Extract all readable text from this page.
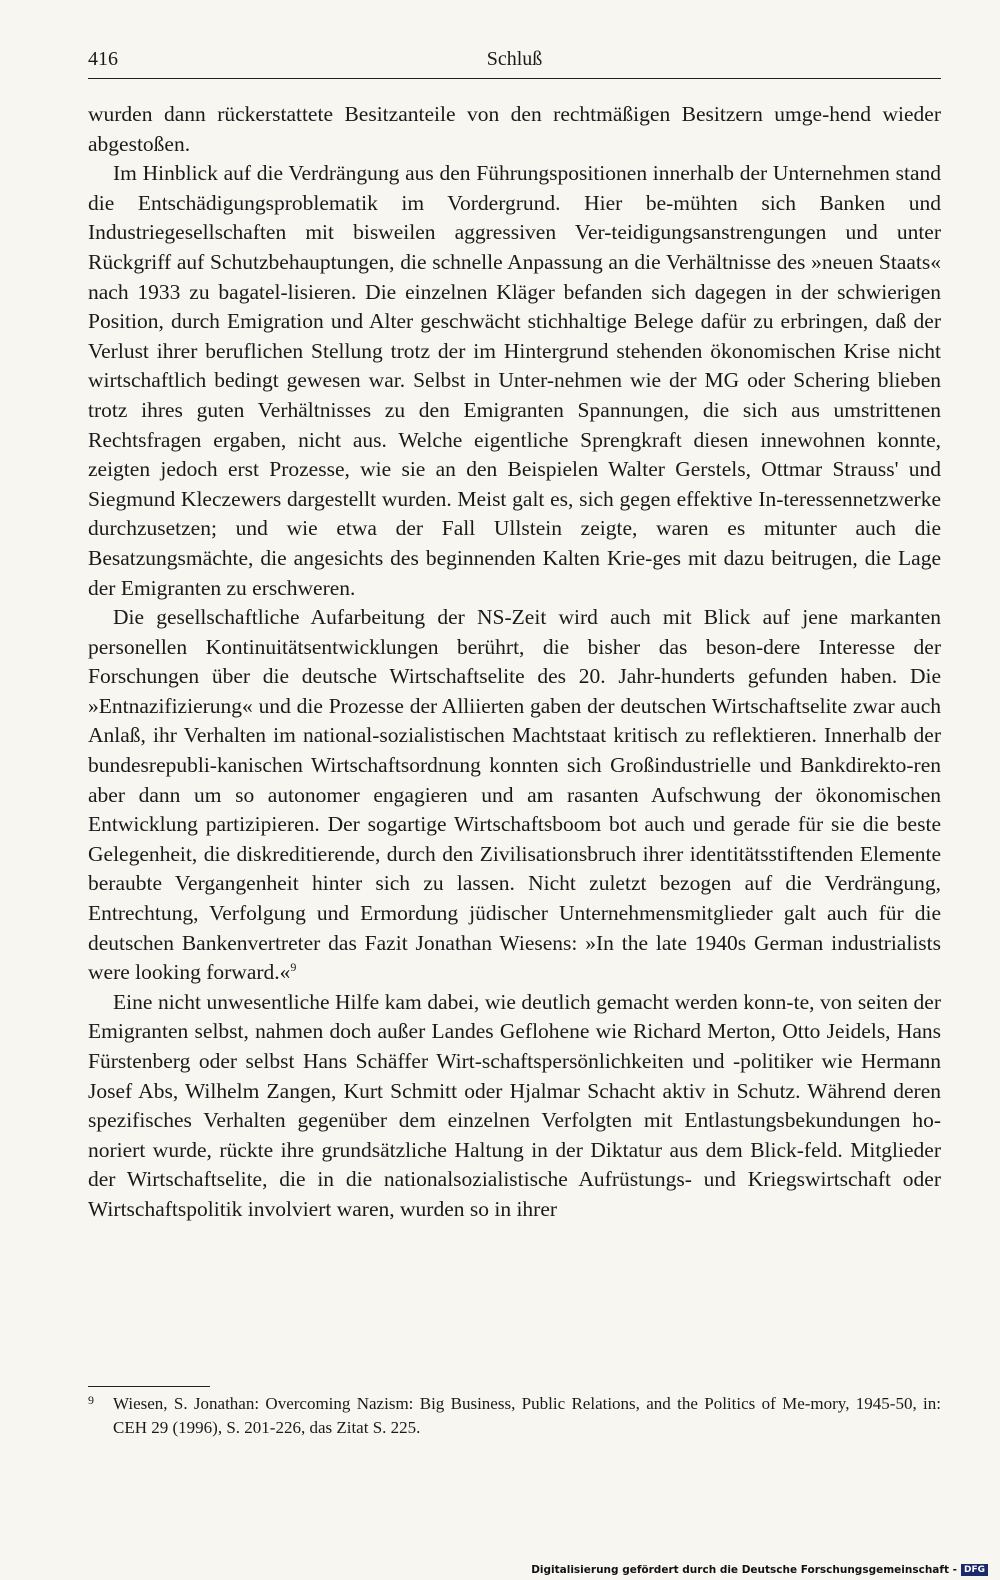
416	Schluß

wurden dann rückerstattete Besitzanteile von den rechtmäßigen Besitzern umge-hend wieder abgestoßen.

Im Hinblick auf die Verdrängung aus den Führungspositionen innerhalb der Unternehmen stand die Entschädigungsproblematik im Vordergrund. Hier be-mühten sich Banken und Industriegesellschaften mit bisweilen aggressiven Ver-teidigungsanstrengungen und unter Rückgriff auf Schutzbehauptungen, die schnelle Anpassung an die Verhältnisse des »neuen Staats« nach 1933 zu bagatel-lisieren. Die einzelnen Kläger befanden sich dagegen in der schwierigen Position, durch Emigration und Alter geschwächt stichhaltige Belege dafür zu erbringen, daß der Verlust ihrer beruflichen Stellung trotz der im Hintergrund stehenden ökonomischen Krise nicht wirtschaftlich bedingt gewesen war. Selbst in Unter-nehmen wie der MG oder Schering blieben trotz ihres guten Verhältnisses zu den Emigranten Spannungen, die sich aus umstrittenen Rechtsfragen ergaben, nicht aus. Welche eigentliche Sprengkraft diesen innewohnen konnte, zeigten jedoch erst Prozesse, wie sie an den Beispielen Walter Gerstels, Ottmar Strauss' und Siegmund Kleczewers dargestellt wurden. Meist galt es, sich gegen effektive In-teressennetzwerke durchzusetzen; und wie etwa der Fall Ullstein zeigte, waren es mitunter auch die Besatzungsmächte, die angesichts des beginnenden Kalten Krie-ges mit dazu beitrugen, die Lage der Emigranten zu erschweren.

Die gesellschaftliche Aufarbeitung der NS-Zeit wird auch mit Blick auf jene markanten personellen Kontinuitätsentwicklungen berührt, die bisher das beson-dere Interesse der Forschungen über die deutsche Wirtschaftselite des 20. Jahr-hunderts gefunden haben. Die »Entnazifizierung« und die Prozesse der Alliierten gaben der deutschen Wirtschaftselite zwar auch Anlaß, ihr Verhalten im national-sozialistischen Machtstaat kritisch zu reflektieren. Innerhalb der bundesrepubli-kanischen Wirtschaftsordnung konnten sich Großindustrielle und Bankdirekto-ren aber dann um so autonomer engagieren und am rasanten Aufschwung der ökonomischen Entwicklung partizipieren. Der sogartige Wirtschaftsboom bot auch und gerade für sie die beste Gelegenheit, die diskreditierende, durch den Zivilisationsbruch ihrer identitätsstiftenden Elemente beraubte Vergangenheit hinter sich zu lassen. Nicht zuletzt bezogen auf die Verdrängung, Entrechtung, Verfolgung und Ermordung jüdischer Unternehmensmitglieder galt auch für die deutschen Bankenvertreter das Fazit Jonathan Wiesens: »In the late 1940s German industrialists were looking forward.«$^9$

Eine nicht unwesentliche Hilfe kam dabei, wie deutlich gemacht werden konn-te, von seiten der Emigranten selbst, nahmen doch außer Landes Geflohene wie Richard Merton, Otto Jeidels, Hans Fürstenberg oder selbst Hans Schäffer Wirt-schaftspersönlichkeiten und -politiker wie Hermann Josef Abs, Wilhelm Zangen, Kurt Schmitt oder Hjalmar Schacht aktiv in Schutz. Während deren spezifisches Verhalten gegenüber dem einzelnen Verfolgten mit Entlastungsbekundungen ho-noriert wurde, rückte ihre grundsätzliche Haltung in der Diktatur aus dem Blick-feld. Mitglieder der Wirtschaftselite, die in die nationalsozialistische Aufrüstungs- und Kriegswirtschaft oder Wirtschaftspolitik involviert waren, wurden so in ihrer

9 Wiesen, S. Jonathan: Overcoming Nazism: Big Business, Public Relations, and the Politics of Me-mory, 1945-50, in: CEH 29 (1996), S. 201-226, das Zitat S. 225.
Digitalisierung gefördert durch die Deutsche Forschungsgemeinschaft - DFG
